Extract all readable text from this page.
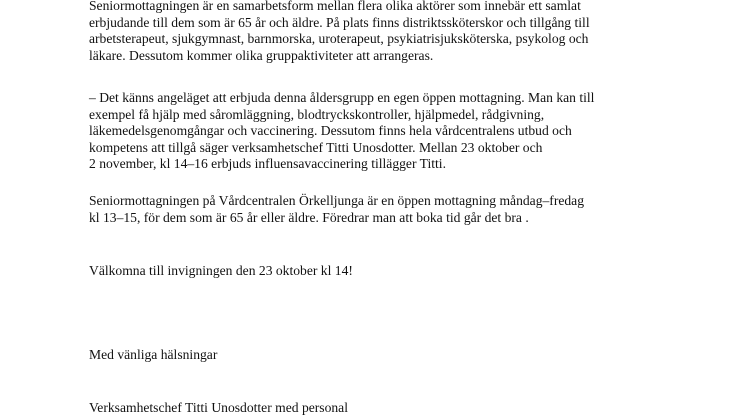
Seniormottagningen är en samarbetsform mellan flera olika aktörer som innebär ett samlat
erbjudande till dem som är 65 år och äldre. På plats finns distriktssköterskor och tillgång till
arbetsterapeut, sjukgymnast, barnmorska, uroterapeut, psykiatrisjuksköterska, psykolog och
läkare. Dessutom kommer olika gruppaktiviteter att arrangeras.

– Det känns angeläget att erbjuda denna åldersgrupp en egen öppen mottagning. Man kan till
exempel få hjälp med såromläggning, blodtryckskontroller, hjälpmedel, rådgivning,
läkemedelsgenomgångar och vaccinering. Dessutom finns hela vårdcentralens utbud och
kompetens att tillgå säger verksamhetschef Titti Unosdotter. Mellan 23 oktober och
2 november, kl 14–16 erbjuds influensavaccinering tillägger Titti.

Seniormottagningen på Vårdcentralen Örkelljunga är en öppen mottagning måndag–fredag
kl 13–15, för dem som är 65 år eller äldre. Föredrar man att boka tid går det bra .

Välkomna till invigningen den 23 oktober kl 14!

Med vänliga hälsningar

Verksamhetschef Titti Unosdotter med personal
